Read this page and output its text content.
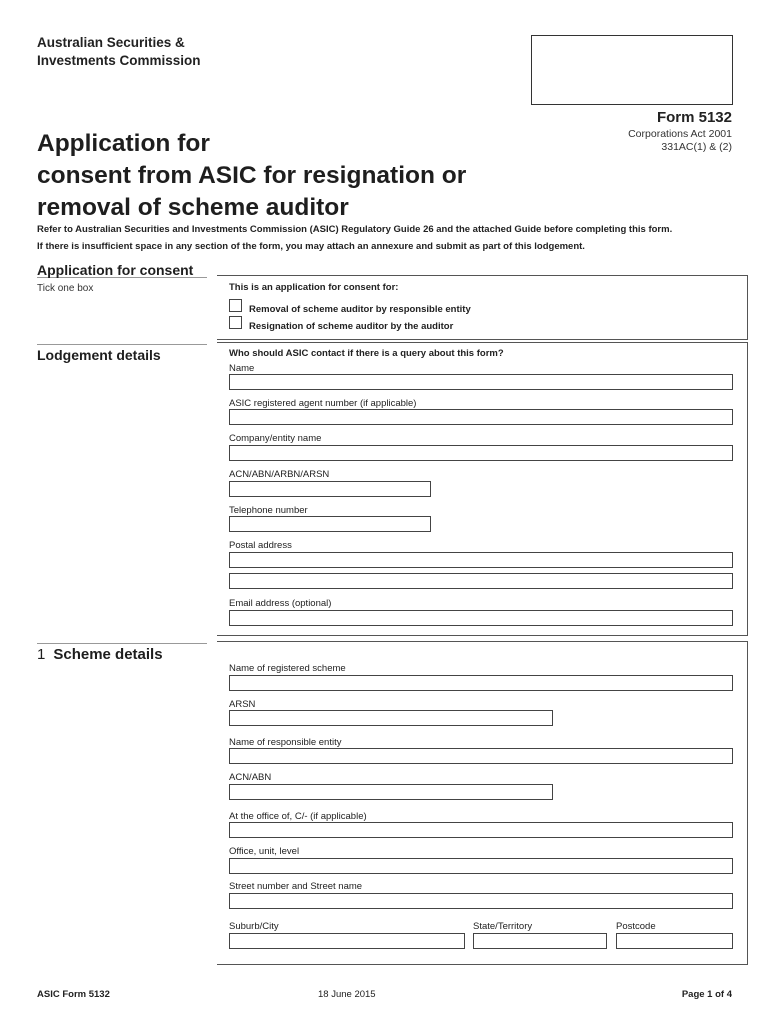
Australian Securities &
Investments Commission
Form 5132
Corporations Act 2001
331AC(1) & (2)
Application for
consent from ASIC for resignation or
removal of scheme auditor
Refer to Australian Securities and Investments Commission (ASIC) Regulatory Guide 26 and the attached Guide before completing this form.
If there is insufficient space in any section of the form, you may attach an annexure and submit as part of this lodgement.
Application for consent
Tick one box	This is an application for consent for:
Removal of scheme auditor by responsible entity
Resignation of scheme auditor by the auditor
Lodgement details	Who should ASIC contact if there is a query about this form?
Name
ASIC registered agent number (if applicable)
Company/entity name
ACN/ABN/ARBN/ARSN
Telephone number
Postal address
Email address (optional)
1 Scheme details
Name of registered scheme
ARSN
Name of responsible entity
ACN/ABN
At the office of, C/- (if applicable)
Office, unit, level
Street number and Street name
Suburb/City	State/Territory	Postcode
ASIC Form 5132	18 June 2015	Page 1 of 4
